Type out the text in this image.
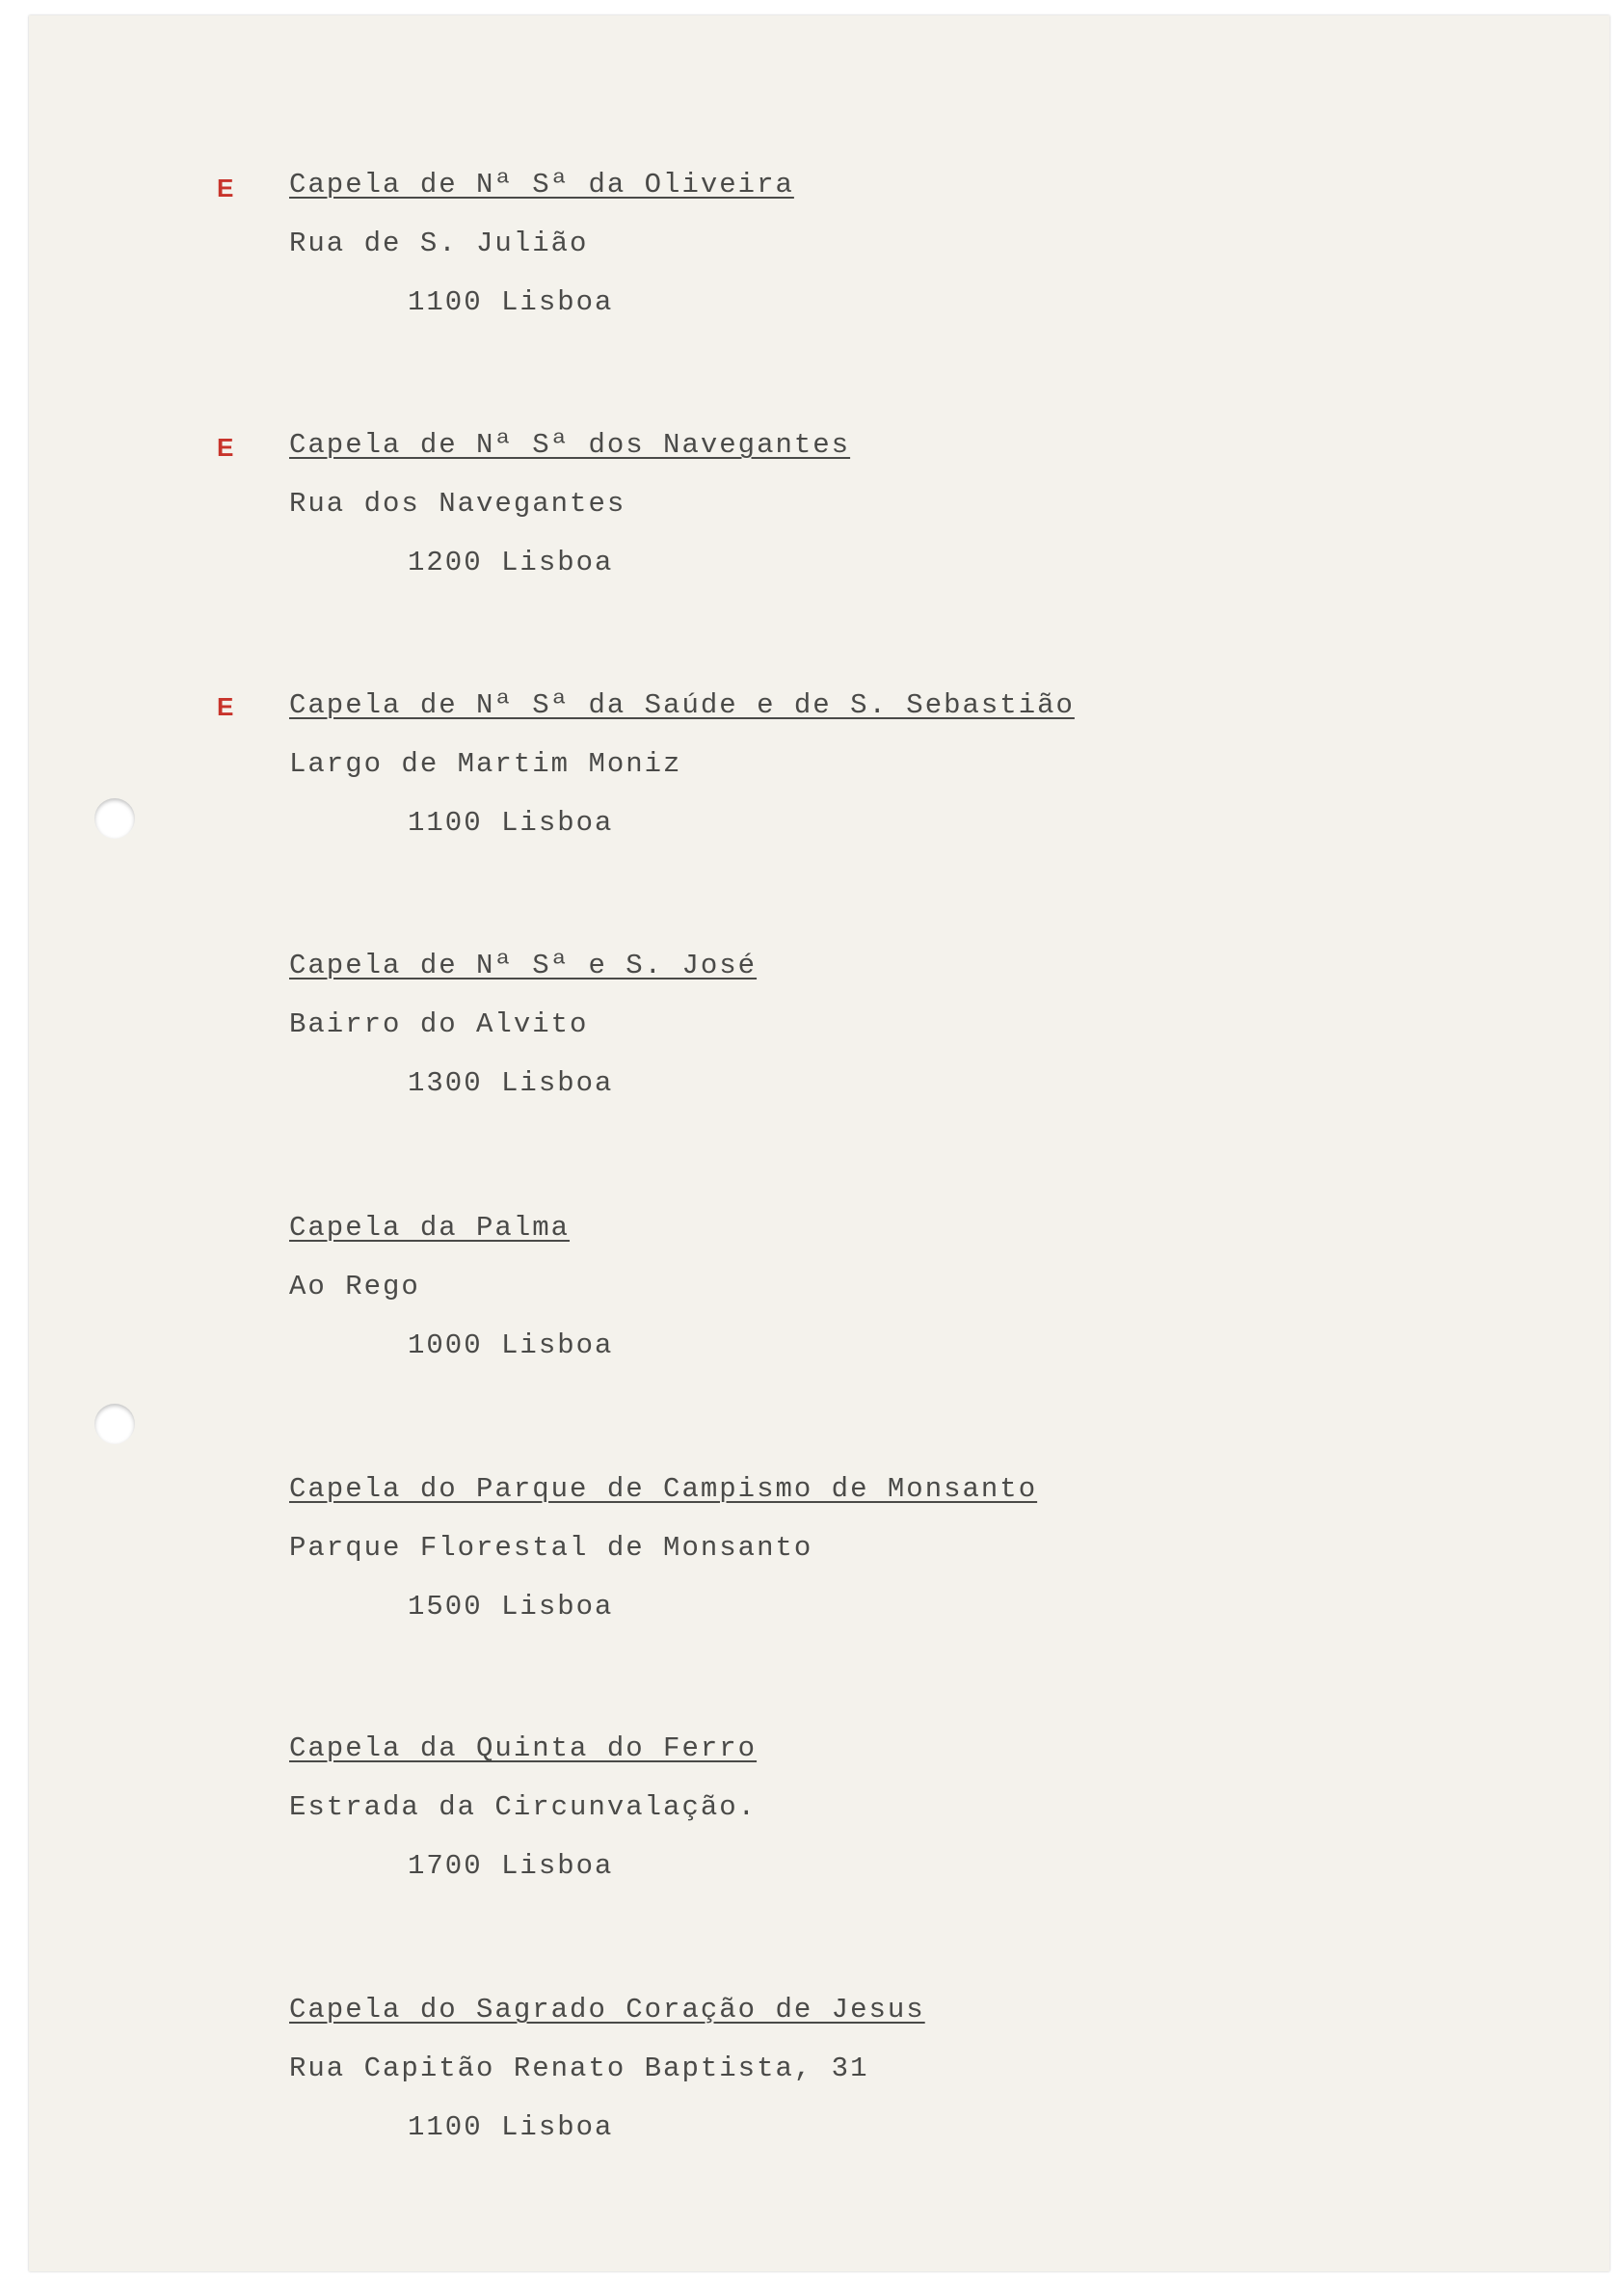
E
E
E
Capela de Nª Sª da Oliveira
Rua de S. Julião
1100 Lisboa
Capela de Nª Sª dos Navegantes
Rua dos Navegantes
1200 Lisboa
Capela de Nª Sª da Saúde e de S. Sebastião
Largo de Martim Moniz
1100 Lisboa
Capela de Nª Sª e S. José
Bairro do Alvito
1300 Lisboa
Capela da Palma
Ao Rego
1000 Lisboa
Capela do Parque de Campismo de Monsanto
Parque Florestal de Monsanto
1500 Lisboa
Capela da Quinta do Ferro
Estrada da Circunvalação.
1700 Lisboa
Capela do Sagrado Coração de Jesus
Rua Capitão Renato Baptista, 31
1100 Lisboa
